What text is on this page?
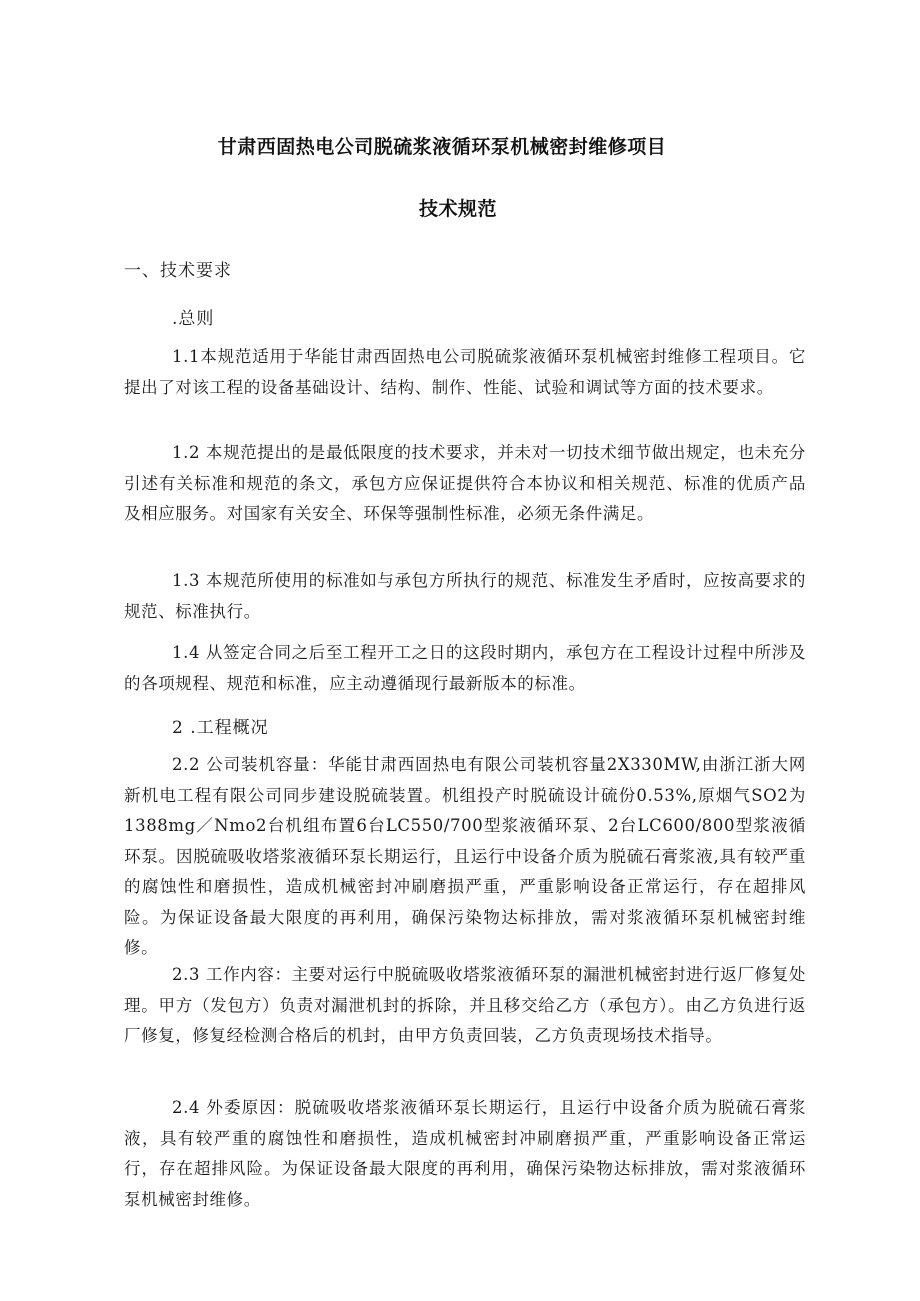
甘肃西固热电公司脱硫浆液循环泵机械密封维修项目
技术规范
一、技术要求
.总则

1.1本规范适用于华能甘肃西固热电公司脱硫浆液循环泵机械密封维修工程项目。它提出了对该工程的设备基础设计、结构、制作、性能、试验和调试等方面的技术要求。

1.2 本规范提出的是最低限度的技术要求，并未对一切技术细节做出规定，也未充分引述有关标准和规范的条文，承包方应保证提供符合本协议和相关规范、标准的优质产品及相应服务。对国家有关安全、环保等强制性标准，必须无条件满足。

1.3 本规范所使用的标准如与承包方所执行的规范、标准发生矛盾时，应按高要求的规范、标准执行。

1.4 从签定合同之后至工程开工之日的这段时期内，承包方在工程设计过程中所涉及的各项规程、规范和标准，应主动遵循现行最新版本的标准。

2 .工程概况

2.2 公司装机容量：华能甘肃西固热电有限公司装机容量2X330MW,由浙江浙大网新机电工程有限公司同步建设脱硫装置。机组投产时脱硫设计硫份0.53%,原烟气SO2为1388mg／Nmo2台机组布置6台LC550/700型浆液循环泵、2台LC600/800型浆液循环泵。因脱硫吸收塔浆液循环泵长期运行，且运行中设备介质为脱硫石膏浆液,具有较严重的腐蚀性和磨损性，造成机械密封冲刷磨损严重，严重影响设备正常运行，存在超排风险。为保证设备最大限度的再利用，确保污染物达标排放，需对浆液循环泵机械密封维修。

2.3 工作内容：主要对运行中脱硫吸收塔浆液循环泵的漏泄机械密封进行返厂修复处理。甲方（发包方）负责对漏泄机封的拆除，并且移交给乙方（承包方）。由乙方负进行返厂修复，修复经检测合格后的机封，由甲方负责回装，乙方负责现场技术指导。

2.4 外委原因：脱硫吸收塔浆液循环泵长期运行，且运行中设备介质为脱硫石膏浆液，具有较严重的腐蚀性和磨损性，造成机械密封冲刷磨损严重，严重影响设备正常运行，存在超排风险。为保证设备最大限度的再利用，确保污染物达标排放，需对浆液循环泵机械密封维修。
